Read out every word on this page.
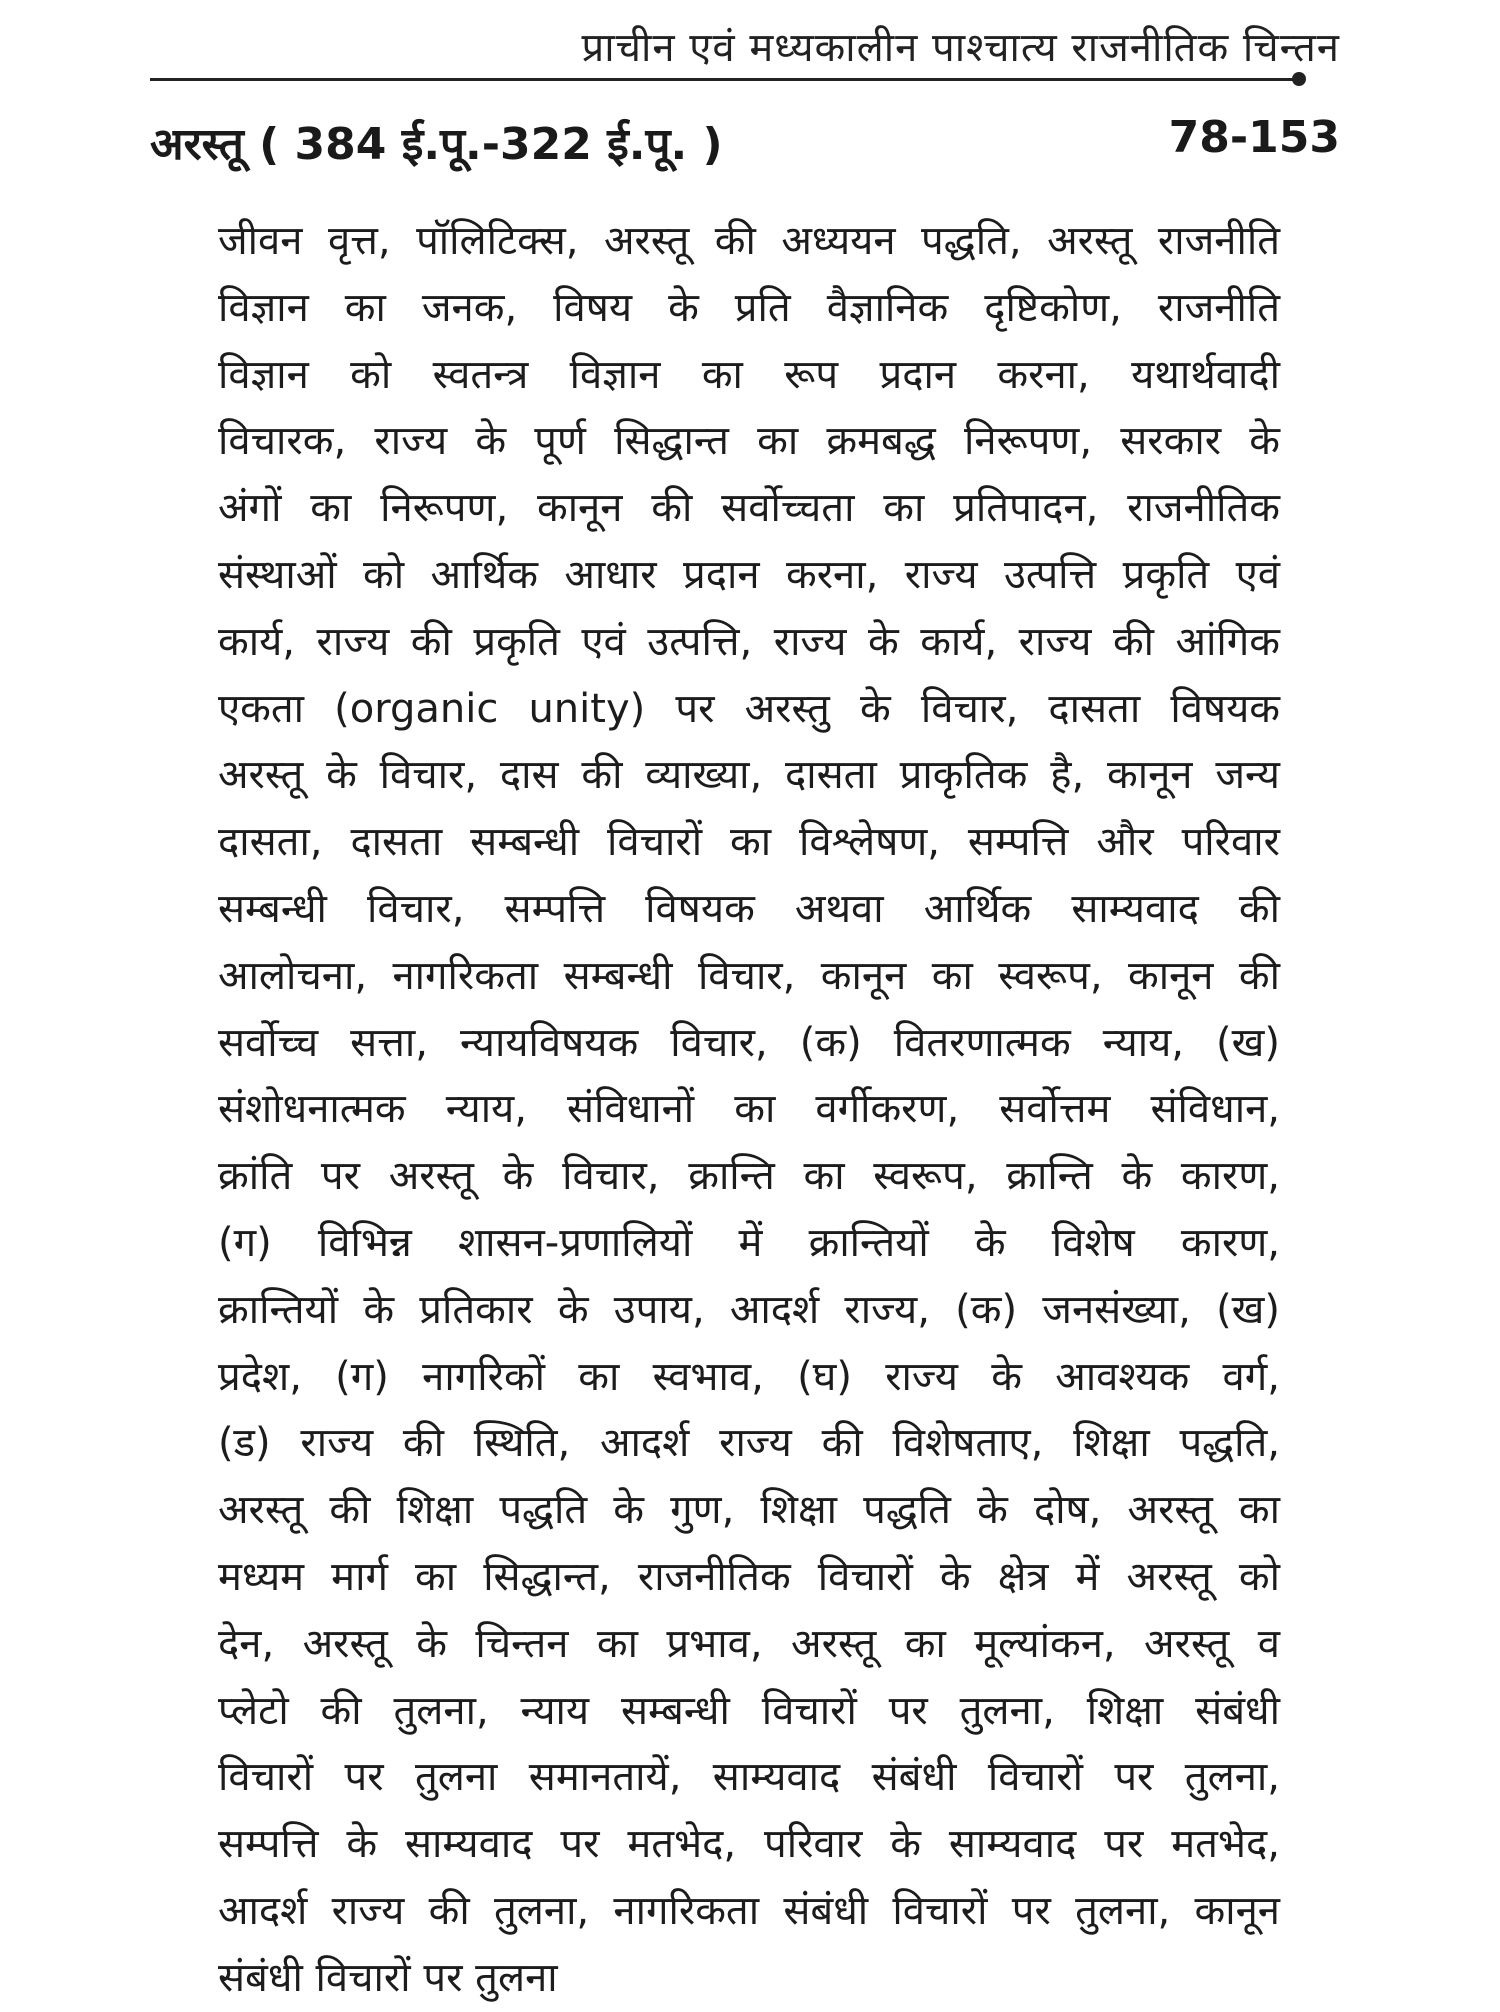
प्राचीन एवं मध्यकालीन पाश्चात्य राजनीतिक चिन्तन
अरस्तू ( 384 ई.पू.-322 ई.पू. )	78-153
जीवन वृत्त, पॉलिटिक्स, अरस्तू की अध्ययन पद्धति, अरस्तू राजनीति
विज्ञान का जनक, विषय के प्रति वैज्ञानिक दृष्टिकोण, राजनीति
विज्ञान को स्वतन्त्र विज्ञान का रूप प्रदान करना, यथार्थवादी
विचारक, राज्य के पूर्ण सिद्धान्त का क्रमबद्ध निरूपण, सरकार के
अंगों का निरूपण, कानून की सर्वोच्चता का प्रतिपादन, राजनीतिक
संस्थाओं को आर्थिक आधार प्रदान करना, राज्य उत्पत्ति प्रकृति एवं
कार्य, राज्य की प्रकृति एवं उत्पत्ति, राज्य के कार्य, राज्य की आंगिक
एकता (organic unity) पर अरस्तु के विचार, दासता विषयक
अरस्तू के विचार, दास की व्याख्या, दासता प्राकृतिक है, कानून जन्य
दासता, दासता सम्बन्धी विचारों का विश्लेषण, सम्पत्ति और परिवार
सम्बन्धी विचार, सम्पत्ति विषयक अथवा आर्थिक साम्यवाद की
आलोचना, नागरिकता सम्बन्धी विचार, कानून का स्वरूप, कानून की
सर्वोच्च सत्ता, न्यायविषयक विचार, (क) वितरणात्मक न्याय, (ख)
संशोधनात्मक न्याय, संविधानों का वर्गीकरण, सर्वोत्तम संविधान,
क्रांति पर अरस्तू के विचार, क्रान्ति का स्वरूप, क्रान्ति के कारण,
(ग) विभिन्न शासन-प्रणालियों में क्रान्तियों के विशेष कारण,
क्रान्तियों के प्रतिकार के उपाय, आदर्श राज्य, (क) जनसंख्या, (ख)
प्रदेश, (ग) नागरिकों का स्वभाव, (घ) राज्य के आवश्यक वर्ग,
(ड) राज्य की स्थिति, आदर्श राज्य की विशेषताए, शिक्षा पद्धति,
अरस्तू की शिक्षा पद्धति के गुण, शिक्षा पद्धति के दोष, अरस्तू का
मध्यम मार्ग का सिद्धान्त, राजनीतिक विचारों के क्षेत्र में अरस्तू को
देन, अरस्तू के चिन्तन का प्रभाव, अरस्तू का मूल्यांकन, अरस्तू व
प्लेटो की तुलना, न्याय सम्बन्धी विचारों पर तुलना, शिक्षा संबंधी
विचारों पर तुलना समानतायें, साम्यवाद संबंधी विचारों पर तुलना,
सम्पत्ति के साम्यवाद पर मतभेद, परिवार के साम्यवाद पर मतभेद,
आदर्श राज्य की तुलना, नागरिकता संबंधी विचारों पर तुलना, कानून
संबंधी विचारों पर तुलना
